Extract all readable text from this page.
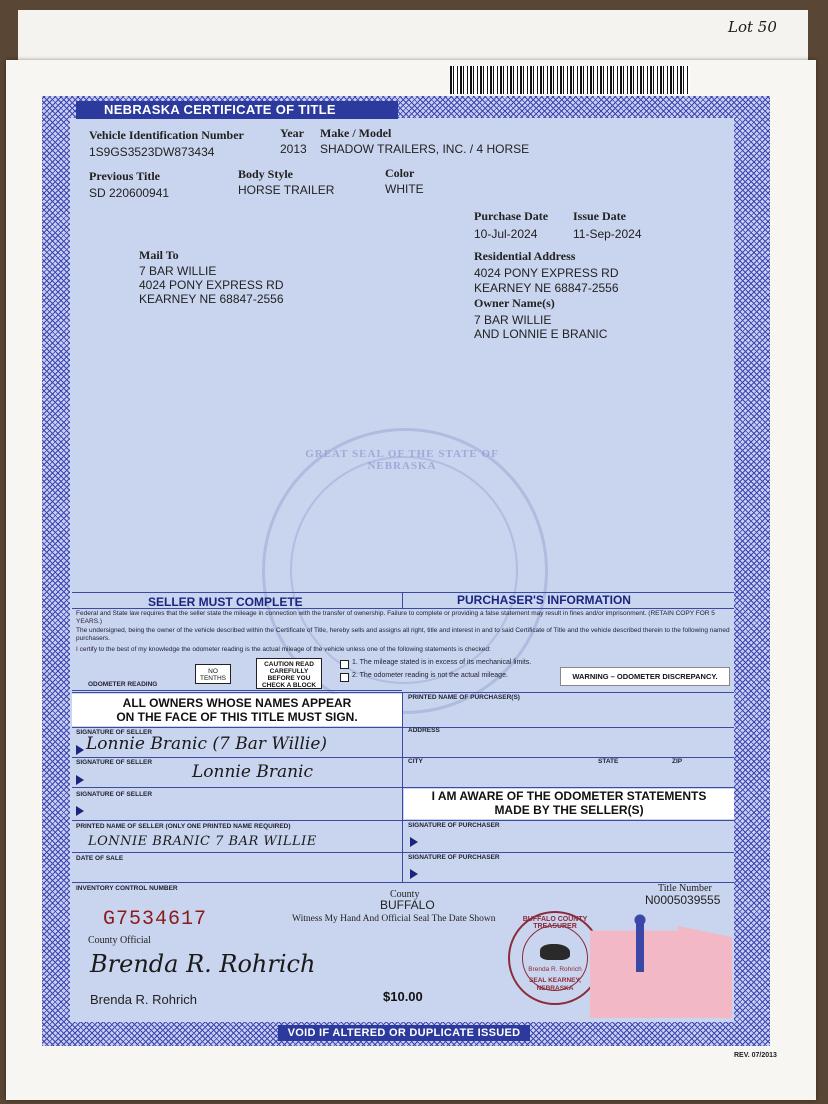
Lot 50
NEBRASKA CERTIFICATE OF TITLE
Vehicle Identification Number
1S9GS3523DW873434
Year
2013
Make / Model
SHADOW TRAILERS, INC. / 4 HORSE
Previous Title
SD 220600941
Body Style
HORSE TRAILER
Color
WHITE
Purchase Date
10-Jul-2024
Issue Date
11-Sep-2024
Mail To
7 BAR WILLIE
4024 PONY EXPRESS RD
KEARNEY NE 68847-2556
Residential Address
4024 PONY EXPRESS RD
KEARNEY NE 68847-2556
Owner Name(s)
7 BAR WILLIE
AND LONNIE E BRANIC
GREAT SEAL OF THE STATE OF NEBRASKA
SELLER MUST COMPLETE	PURCHASER'S INFORMATION
Federal and State law requires that the seller state the mileage in connection with the transfer of ownership. Failure to complete or providing a false statement may result in fines and/or imprisonment. (RETAIN COPY FOR 5 YEARS.)
The undersigned, being the owner of the vehicle described within the Certificate of Title, hereby sells and assigns all right, title and interest in and to said Certificate of Title and the vehicle described therein to the following named purchasers.
I certify to the best of my knowledge the odometer reading is the actual mileage of the vehicle unless one of the following statements is checked:
NO TENTHS
CAUTION READ CAREFULLY BEFORE YOU CHECK A BLOCK
ODOMETER READING
1. The mileage stated is in excess of its mechanical limits.
2. The odometer reading is not the actual mileage.	WARNING – ODOMETER DISCREPANCY.
ALL OWNERS WHOSE NAMES APPEAR
ON THE FACE OF THIS TITLE MUST SIGN.
PRINTED NAME OF PURCHASER(S)
SIGNATURE OF SELLER
Lonnie Branic (7 Bar Willie)
ADDRESS
SIGNATURE OF SELLER Lonnie Branic
CITY	STATE	ZIP
SIGNATURE OF SELLER	I AM AWARE OF THE ODOMETER STATEMENTS
MADE BY THE SELLER(S)
PRINTED NAME OF SELLER (ONLY ONE PRINTED NAME REQUIRED)
LONNIE BRANIC 7 BAR WILLIE
SIGNATURE OF PURCHASER
DATE OF SALE	SIGNATURE OF PURCHASER
INVENTORY CONTROL NUMBER
G7534617
County
BUFFALO
Witness My Hand And Official Seal The Date Shown
Title Number
N0005039555
County Official
Brenda R. Rohrich
Brenda R. Rohrich	$10.00
BUFFALO COUNTY TREASURER
Brenda R. Rohrich
SEAL KEARNEY, NEBRASKA
VOID IF ALTERED OR DUPLICATE ISSUED
REV. 07/2013
